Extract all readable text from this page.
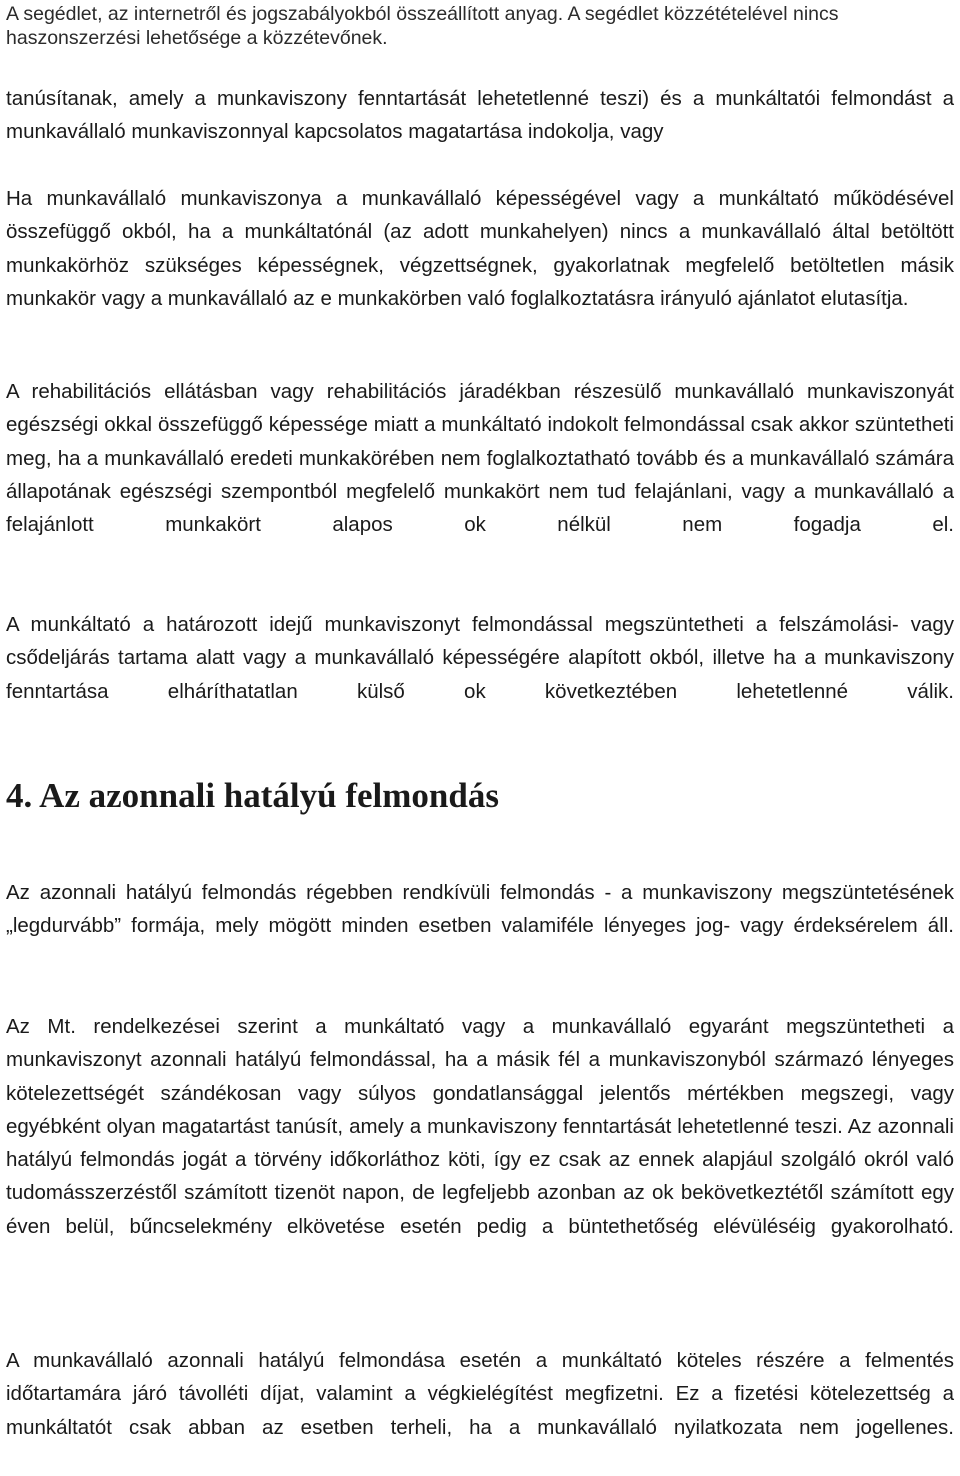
A segédlet, az internetről és jogszabályokból összeállított anyag. A segédlet közzétételével nincs haszonszerzési lehetősége a közzétevőnek.
tanúsítanak, amely a munkaviszony fenntartását lehetetlenné teszi) és a munkáltatói felmondást a munkavállaló munkaviszonnyal kapcsolatos magatartása indokolja, vagy
Ha munkavállaló munkaviszonya a munkavállaló képességével vagy a munkáltató működésével összefüggő okból, ha a munkáltatónál (az adott munkahelyen) nincs a munkavállaló által betöltött munkakörhöz szükséges képességnek, végzettségnek, gyakorlatnak megfelelő betöltetlen másik munkakör vagy a munkavállaló az e munkakörben való foglalkoztatásra irányuló ajánlatot elutasítja.
A rehabilitációs ellátásban vagy rehabilitációs járadékban részesülő munkavállaló munkaviszonyát egészségi okkal összefüggő képessége miatt a munkáltató indokolt felmondással csak akkor szüntetheti meg, ha a munkavállaló eredeti munkakörében nem foglalkoztatható tovább és a munkavállaló számára állapotának egészségi szempontból megfelelő munkakört nem tud felajánlani, vagy a munkavállaló a felajánlott munkakört alapos ok nélkül nem fogadja el.
A munkáltató a határozott idejű munkaviszonyt felmondással megszüntetheti a felszámolási- vagy csődeljárás tartama alatt vagy a munkavállaló képességére alapított okból, illetve ha a munkaviszony fenntartása elháríthatatlan külső ok következtében lehetetlenné válik.
4. Az azonnali hatályú felmondás
Az azonnali hatályú felmondás régebben rendkívüli felmondás - a munkaviszony megszüntetésének „legdurvább” formája, mely mögött minden esetben valamiféle lényeges jog- vagy érdeksérelem áll.
Az Mt. rendelkezései szerint a munkáltató vagy a munkavállaló egyaránt megszüntetheti a munkaviszonyt azonnali hatályú felmondással, ha a másik fél a munkaviszonyból származó lényeges kötelezettségét szándékosan vagy súlyos gondatlansággal jelentős mértékben megszegi, vagy egyébként olyan magatartást tanúsít, amely a munkaviszony fenntartását lehetetlenné teszi. Az azonnali hatályú felmondás jogát a törvény időkorláthoz köti, így ez csak az ennek alapjául szolgáló okról való tudomásszerzéstől számított tizenöt napon, de legfeljebb azonban az ok bekövetkeztétől számított egy éven belül, bűncselekmény elkövetése esetén pedig a büntethetőség elévüléséig gyakorolható.
A munkavállaló azonnali hatályú felmondása esetén a munkáltató köteles részére a felmentés időtartamára járó távolléti díjat, valamint a végkielégítést megfizetni. Ez a fizetési kötelezettség a munkáltatót csak abban az esetben terheli, ha a munkavállaló nyilatkozata nem jogellenes.
